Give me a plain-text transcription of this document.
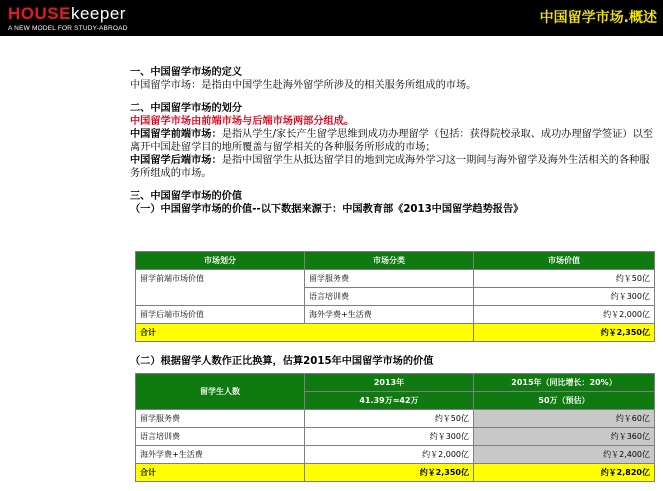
HOUSEkeeper
A NEW MODEL FOR STUDY-ABROAD
中国留学市场.概述

一、中国留学市场的定义

中国留学市场：是指由中国学生赴海外留学所涉及的相关服务所组成的市场。

二、中国留学市场的划分

中国留学市场由前端市场与后端市场两部分组成。

中国留学前端市场：是指从学生/家长产生留学思维到成功办理留学（包括：获得院校录取、成功办理留学签证）以至离开中国赴留学目的地所覆盖与留学相关的各种服务所形成的市场；

中国留学后端市场：是指中国留学生从抵达留学目的地到完成海外学习这一期间与海外留学及海外生活相关的各种服务所组成的市场。

三、中国留学市场的价值

（一）中国留学市场的价值--以下数据来源于：中国教育部《2013中国留学趋势报告》

市场划分	市场分类	市场价值
留学前端市场价值	留学服务费	约￥50亿
	语言培训费	约￥300亿
留学后端市场价值	海外学费+生活费	约￥2,000亿
合计		约￥2,350亿
（二）根据留学人数作正比换算，估算2015年中国留学市场的价值
留学生人数	2013年	2015年（同比增长：20%）
	41.39万≈42万	50万（预估）
留学服务费	约￥50亿	约￥60亿
语言培训费	约￥300亿	约￥360亿
海外学费+生活费	约￥2,000亿	约￥2,400亿
合计	约￥2,350亿	约￥2,820亿
